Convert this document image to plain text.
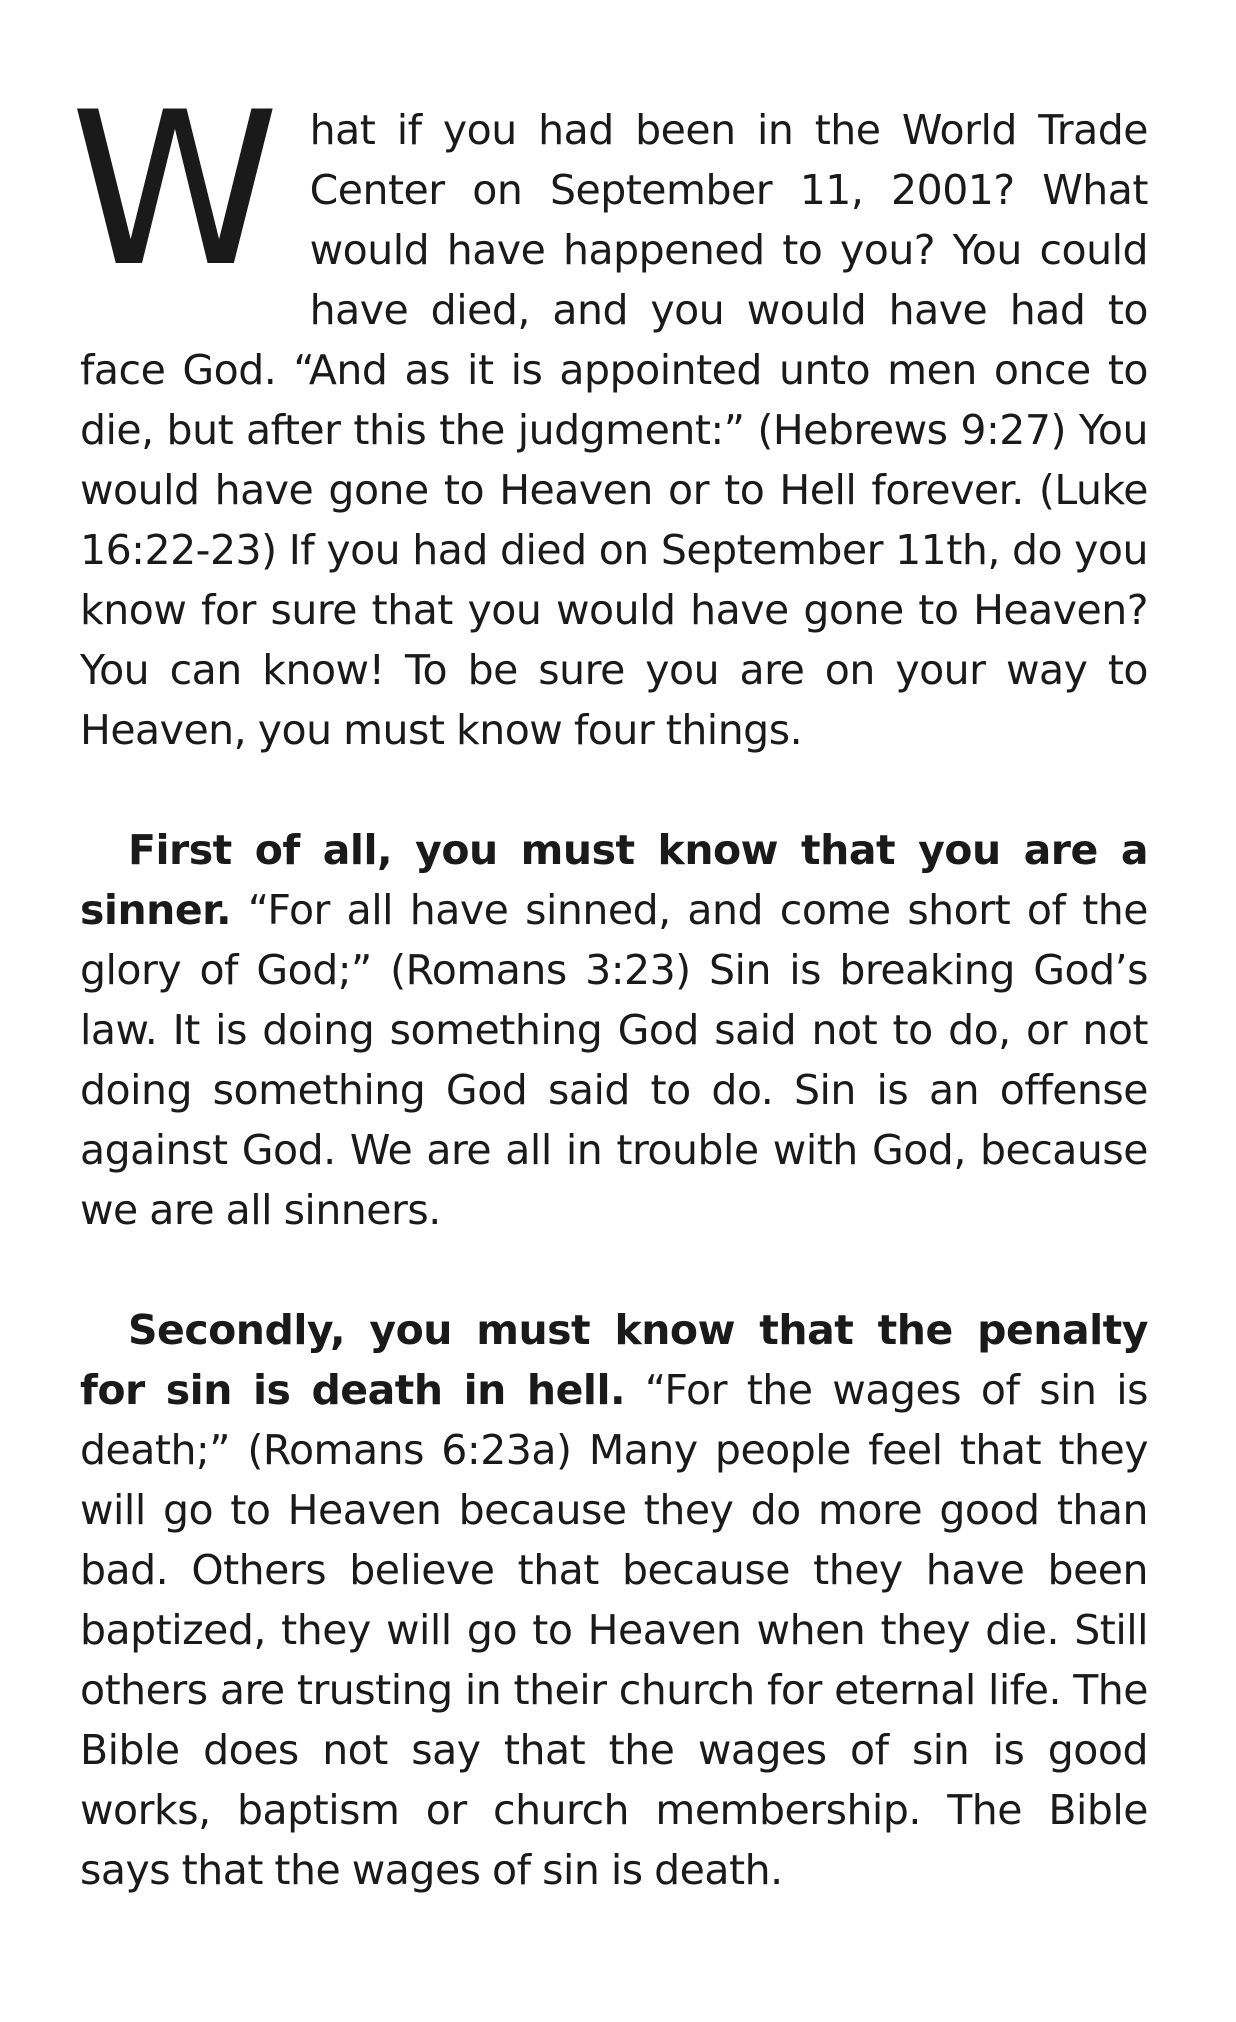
What if you had been in the World Trade Center on September 11, 2001? What would have happened to you? You could have died, and you would have had to face God. “And as it is appointed unto men once to die, but after this the judgment:” (Hebrews 9:27) You would have gone to Heaven or to Hell forever. (Luke 16:22-23) If you had died on September 11th, do you know for sure that you would have gone to Heaven? You can know! To be sure you are on your way to Heaven, you must know four things.

First of all, you must know that you are a sinner. “For all have sinned, and come short of the glory of God;” (Romans 3:23) Sin is breaking God’s law. It is doing something God said not to do, or not doing something God said to do. Sin is an offense against God. We are all in trouble with God, because we are all sinners.

Secondly, you must know that the penalty for sin is death in hell. “For the wages of sin is death;” (Romans 6:23a) Many people feel that they will go to Heaven because they do more good than bad. Others believe that because they have been baptized, they will go to Heaven when they die. Still others are trusting in their church for eternal life. The Bible does not say that the wages of sin is good works, baptism or church membership. The Bible says that the wages of sin is death.
